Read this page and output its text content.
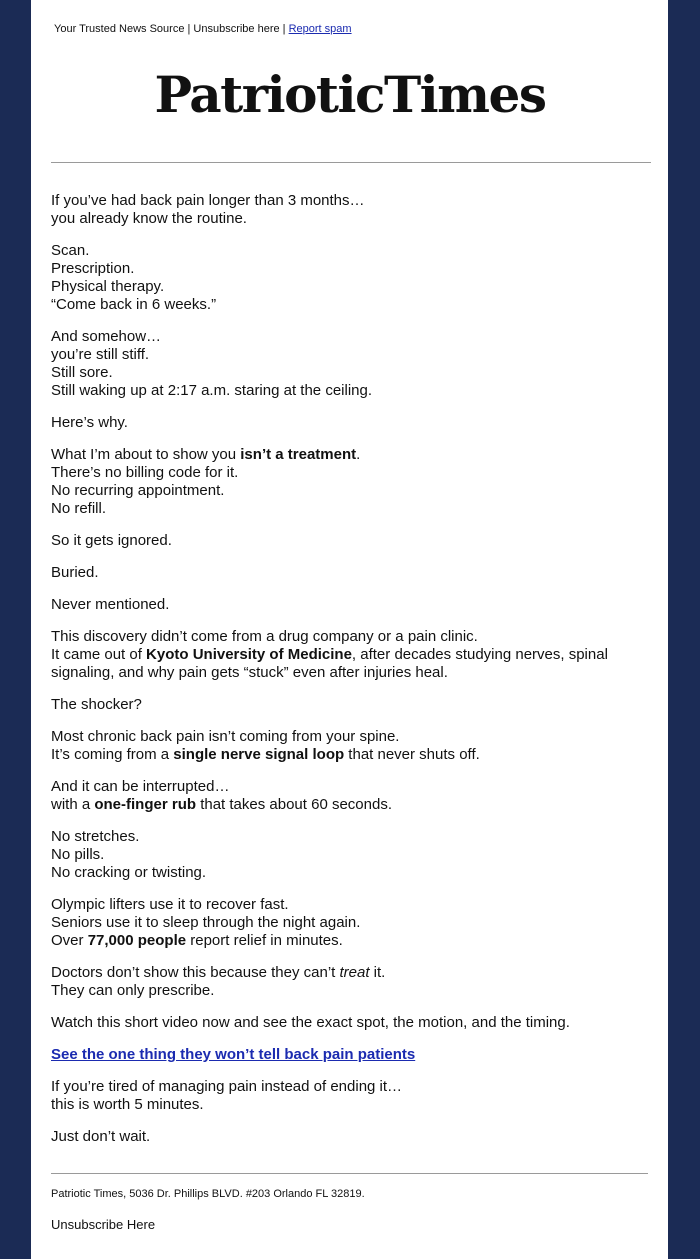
Your Trusted News Source | Unsubscribe here | Report spam
PatrioticTimes

If you’ve had back pain longer than 3 months…
you already know the routine.

Scan.
Prescription.
Physical therapy.
“Come back in 6 weeks.”

And somehow…
you’re still stiff.
Still sore.
Still waking up at 2:17 a.m. staring at the ceiling.

Here’s why.

What I’m about to show you isn’t a treatment.
There’s no billing code for it.
No recurring appointment.
No refill.

So it gets ignored.

Buried.

Never mentioned.

This discovery didn’t come from a drug company or a pain clinic.
It came out of Kyoto University of Medicine, after decades studying nerves, spinal
signaling, and why pain gets “stuck” even after injuries heal.

The shocker?

Most chronic back pain isn’t coming from your spine.
It’s coming from a single nerve signal loop that never shuts off.

And it can be interrupted…
with a one-finger rub that takes about 60 seconds.

No stretches.
No pills.
No cracking or twisting.

Olympic lifters use it to recover fast.
Seniors use it to sleep through the night again.
Over 77,000 people report relief in minutes.

Doctors don’t show this because they can’t treat it.
They can only prescribe.

Watch this short video now and see the exact spot, the motion, and the timing.

See the one thing they won’t tell back pain patients

If you’re tired of managing pain instead of ending it…
this is worth 5 minutes.

Just don’t wait.

Patriotic Times, 5036 Dr. Phillips BLVD. #203 Orlando FL 32819.
Unsubscribe Here
